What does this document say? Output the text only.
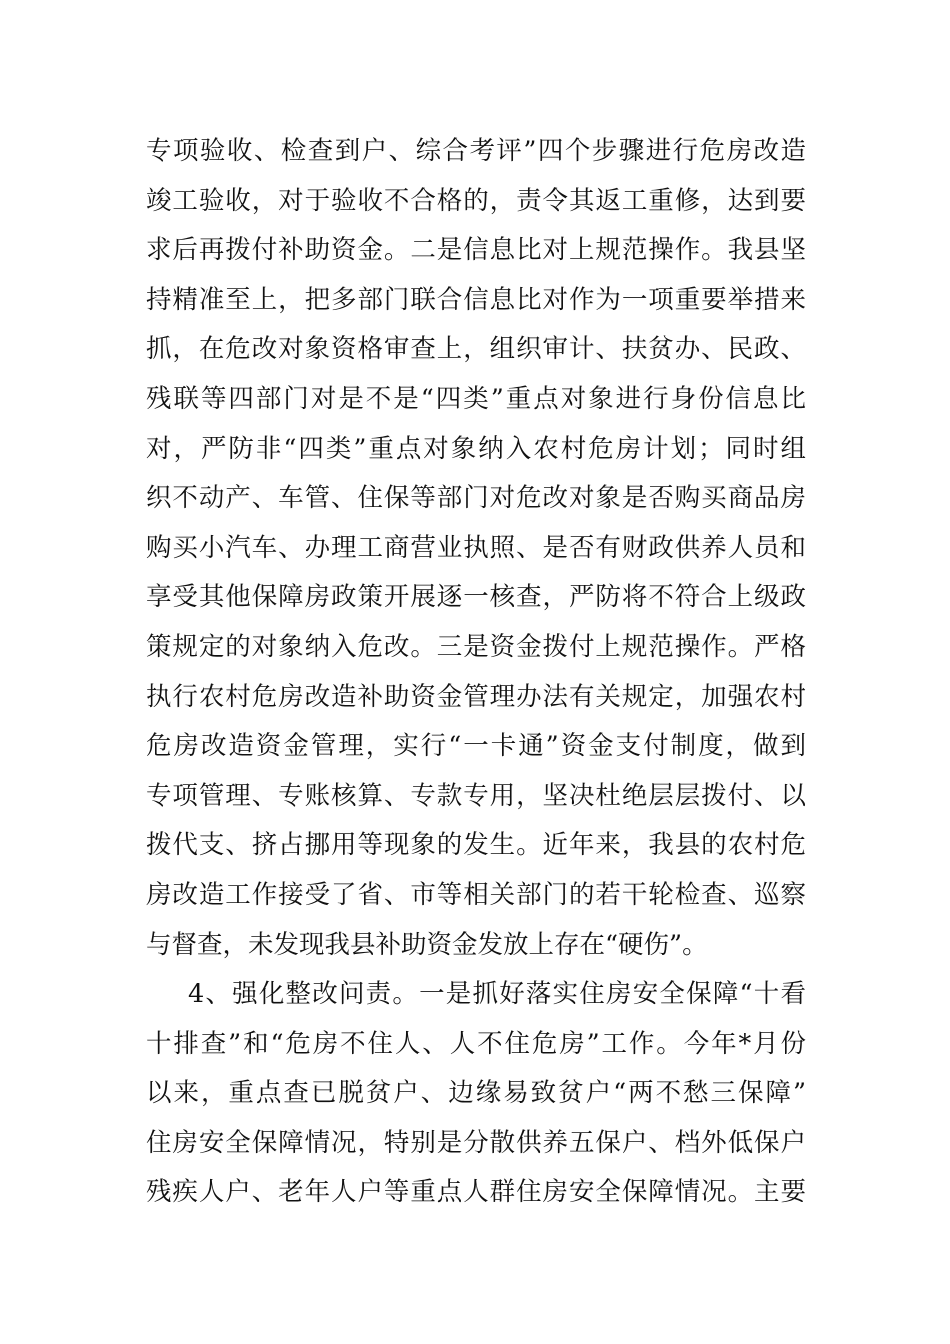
专项验收、检查到户、综合考评”四个步骤进行危房改造
竣工验收，对于验收不合格的，责令其返工重修，达到要
求后再拨付补助资金。二是信息比对上规范操作。我县坚
持精准至上，把多部门联合信息比对作为一项重要举措来
抓，在危改对象资格审查上，组织审计、扶贫办、民政、
残联等四部门对是不是“四类”重点对象进行身份信息比
对，严防非“四类”重点对象纳入农村危房计划；同时组
织不动产、车管、住保等部门对危改对象是否购买商品房
购买小汽车、办理工商营业执照、是否有财政供养人员和
享受其他保障房政策开展逐一核查，严防将不符合上级政
策规定的对象纳入危改。三是资金拨付上规范操作。严格
执行农村危房改造补助资金管理办法有关规定，加强农村
危房改造资金管理，实行“一卡通”资金支付制度，做到
专项管理、专账核算、专款专用，坚决杜绝层层拨付、以
拨代支、挤占挪用等现象的发生。近年来，我县的农村危
房改造工作接受了省、市等相关部门的若干轮检查、巡察
与督查，未发现我县补助资金发放上存在“硬伤”。
4、强化整改问责。一是抓好落实住房安全保障“十看
十排查”和“危房不住人、人不住危房”工作。今年*月份
以来，重点查已脱贫户、边缘易致贫户“两不愁三保障”
住房安全保障情况，特别是分散供养五保户、档外低保户
残疾人户、老年人户等重点人群住房安全保障情况。主要
